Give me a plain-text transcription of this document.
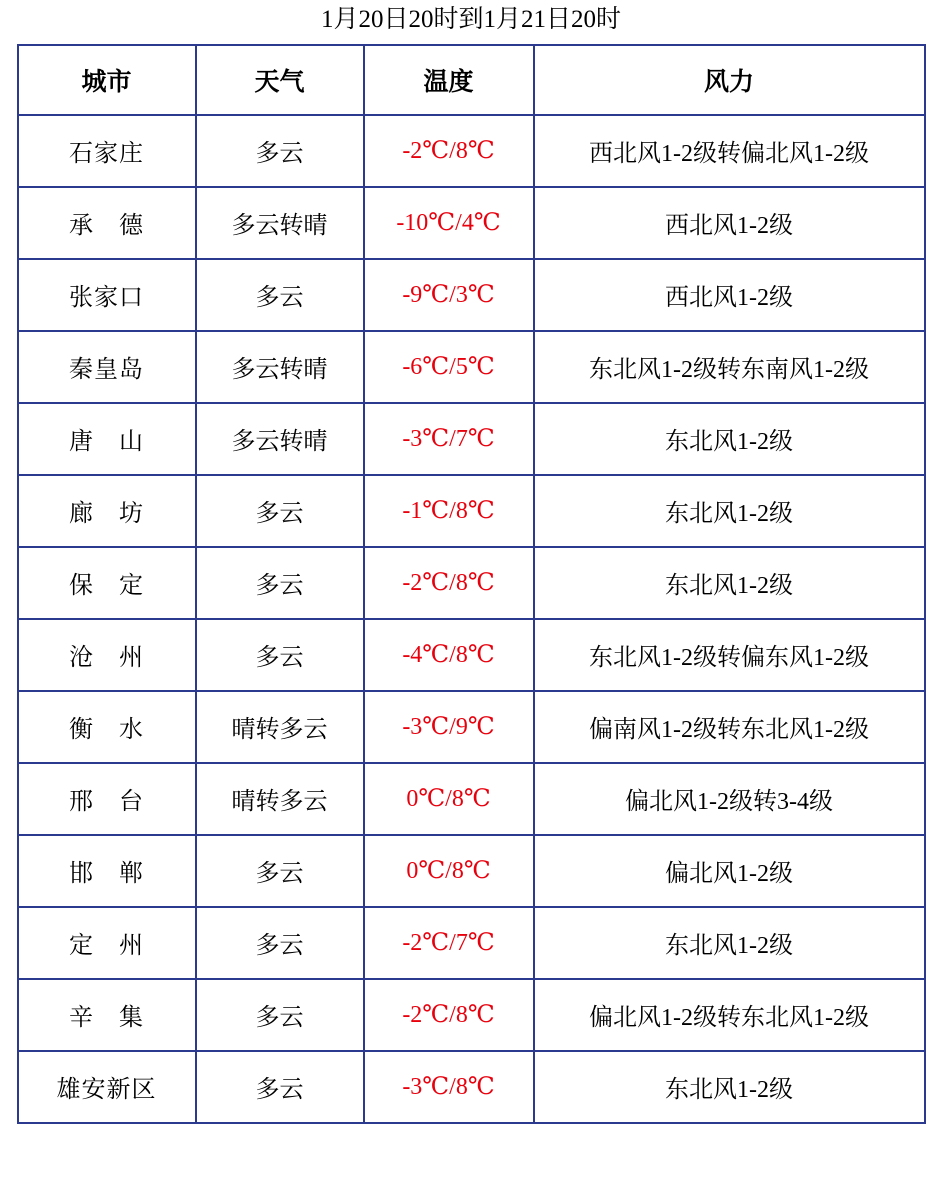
1月20日20时到1月21日20时
城市	天气	温度	风力
石家庄	多云	-2℃/8℃	西北风1-2级转偏北风1-2级
承　德	多云转晴	-10℃/4℃	西北风1-2级
张家口	多云	-9℃/3℃	西北风1-2级
秦皇岛	多云转晴	-6℃/5℃	东北风1-2级转东南风1-2级
唐　山	多云转晴	-3℃/7℃	东北风1-2级
廊　坊	多云	-1℃/8℃	东北风1-2级
保　定	多云	-2℃/8℃	东北风1-2级
沧　州	多云	-4℃/8℃	东北风1-2级转偏东风1-2级
衡　水	晴转多云	-3℃/9℃	偏南风1-2级转东北风1-2级
邢　台	晴转多云	0℃/8℃	偏北风1-2级转3-4级
邯　郸	多云	0℃/8℃	偏北风1-2级
定　州	多云	-2℃/7℃	东北风1-2级
辛　集	多云	-2℃/8℃	偏北风1-2级转东北风1-2级
雄安新区	多云	-3℃/8℃	东北风1-2级
